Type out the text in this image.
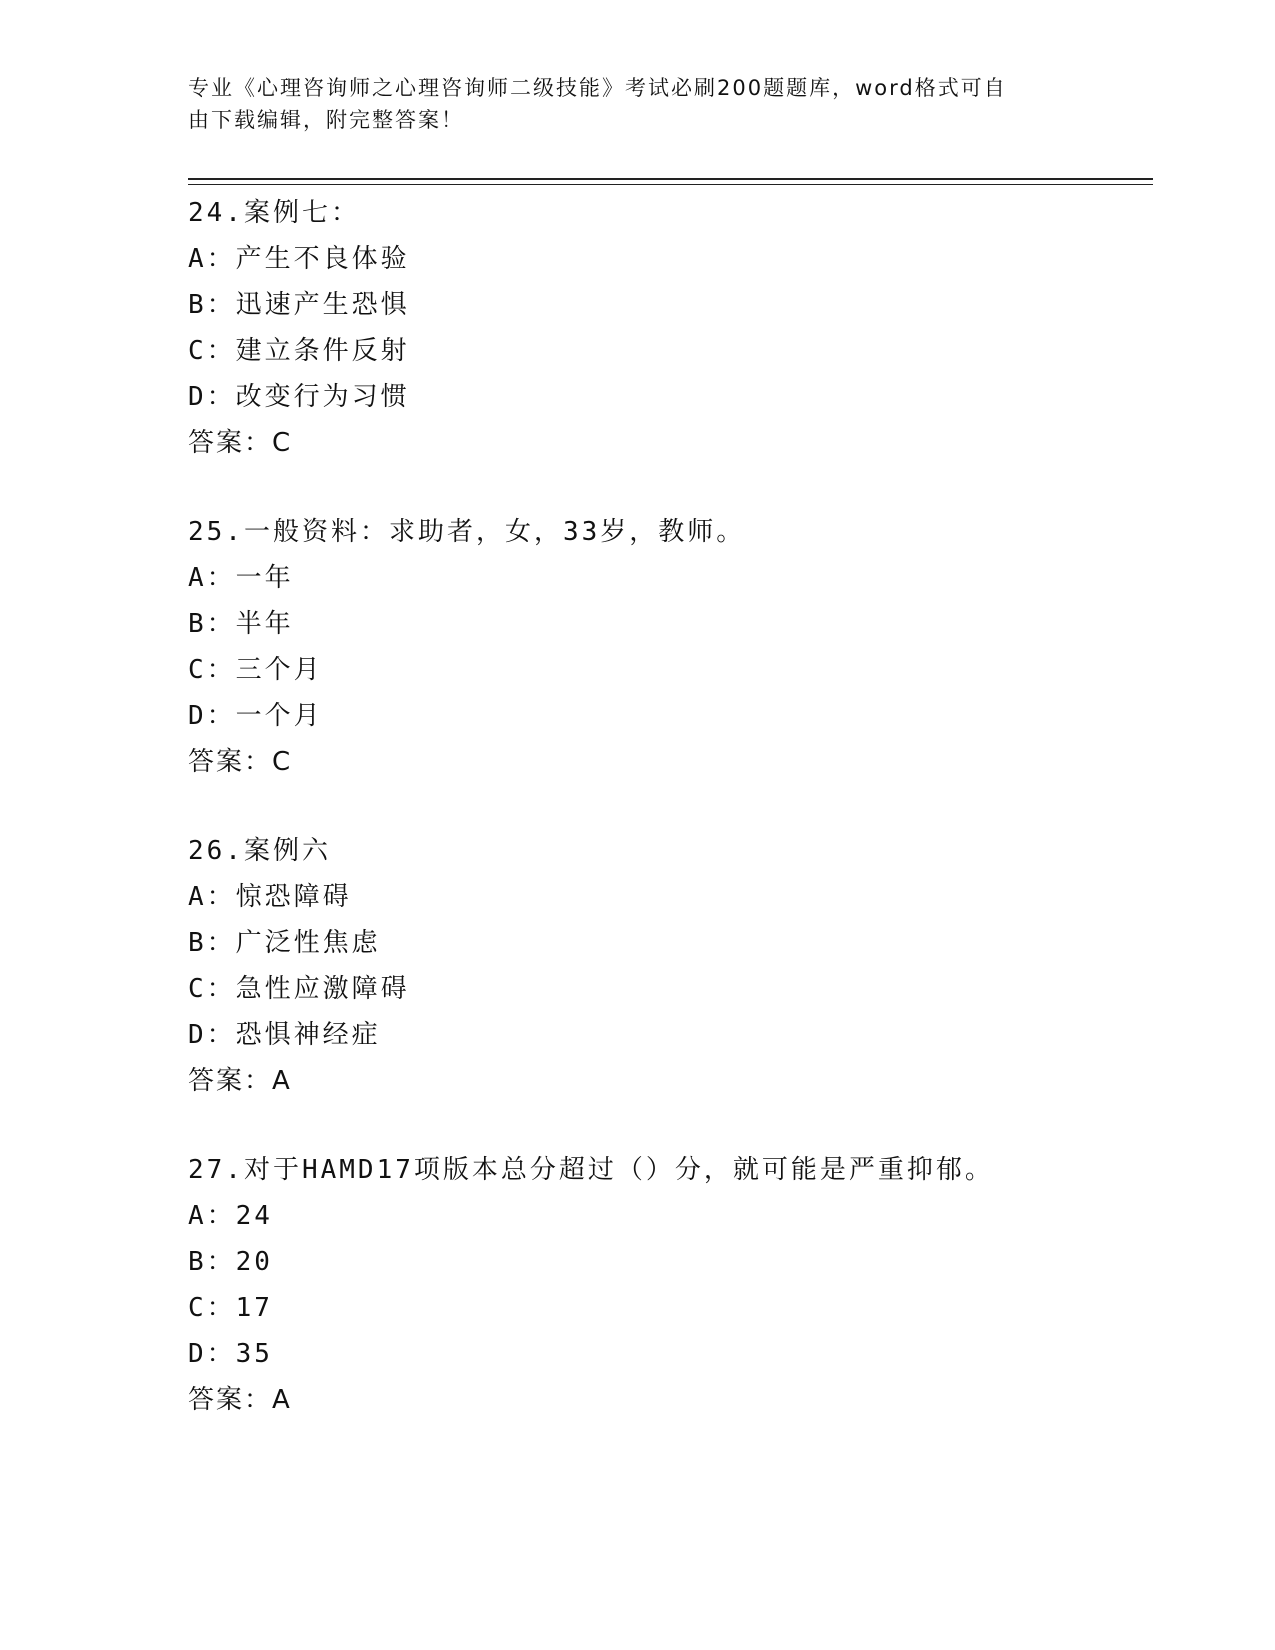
专业《心理咨询师之心理咨询师二级技能》考试必刷200题题库，word格式可自
由下载编辑，附完整答案！
24.案例七：
A：产生不良体验
B：迅速产生恐惧
C：建立条件反射
D：改变行为习惯
答案：C
25.一般资料：求助者，女，33岁，教师。
A：一年
B：半年
C：三个月
D：一个月
答案：C
26.案例六
A：惊恐障碍
B：广泛性焦虑
C：急性应激障碍
D：恐惧神经症
答案：A
27.对于HAMD17项版本总分超过（）分，就可能是严重抑郁。
A：24
B：20
C：17
D：35
答案：A
